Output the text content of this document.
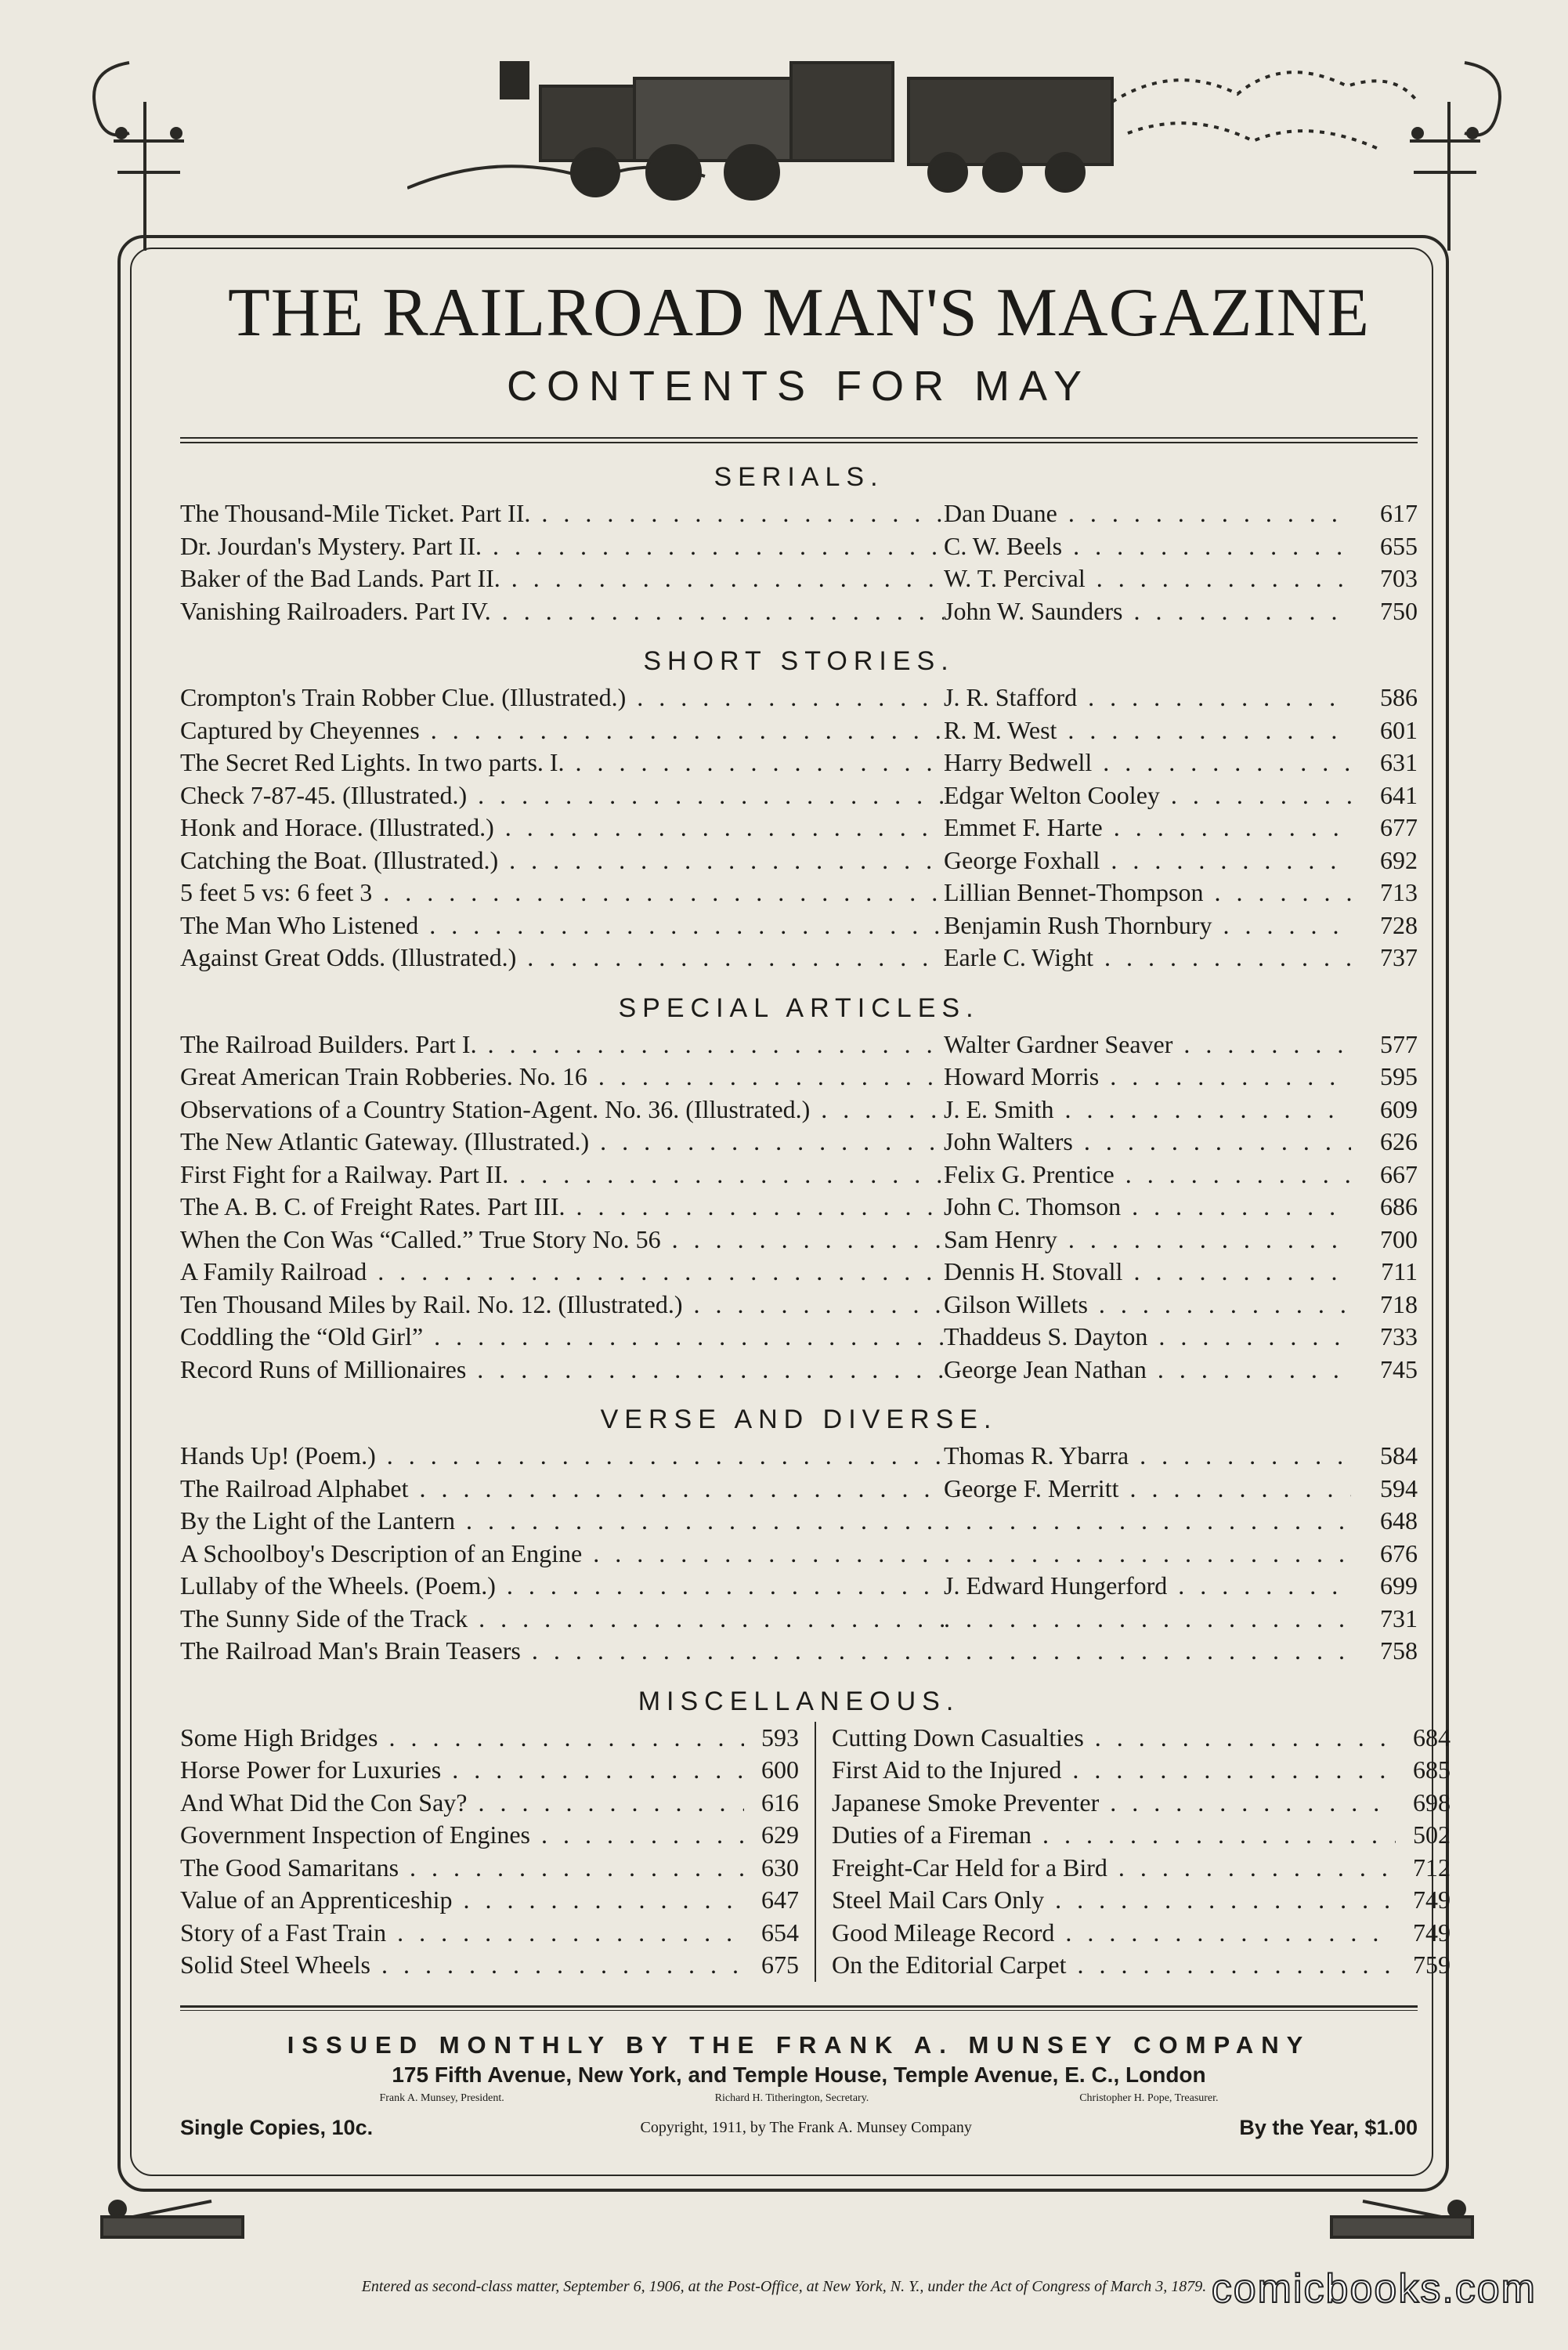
THE RAILROAD MAN'S MAGAZINE
CONTENTS FOR MAY
SERIALS.
The Thousand-Mile Ticket. Part II. . . .	Dan Duane . . .	617
Dr. Jourdan's Mystery. Part II. . . .	C. W. Beels . . .	655
Baker of the Bad Lands. Part II. . . .	W. T. Percival . . .	703
Vanishing Railroaders. Part IV. . . .	John W. Saunders . . .	750
SHORT STORIES.
Crompton's Train Robber Clue. (Illustrated.) . . .	J. R. Stafford . . .	586
Captured by Cheyennes . . .	R. M. West . . .	601
The Secret Red Lights. In two parts. I. . . .	Harry Bedwell . . .	631
Check 7-87-45. (Illustrated.) . . .	Edgar Welton Cooley . . .	641
Honk and Horace. (Illustrated.) . . .	Emmet F. Harte . . .	677
Catching the Boat. (Illustrated.) . . .	George Foxhall . . .	692
5 feet 5 vs: 6 feet 3 . . .	Lillian Bennet-Thompson . . .	713
The Man Who Listened . . .	Benjamin Rush Thornbury . . .	728
Against Great Odds. (Illustrated.) . . .	Earle C. Wight . . .	737
SPECIAL ARTICLES.
The Railroad Builders. Part I. . . .	Walter Gardner Seaver . . .	577
Great American Train Robberies. No. 16 . . .	Howard Morris . . .	595
Observations of a Country Station-Agent. No. 36. (Illustrated.) . . .	J. E. Smith . . .	609
The New Atlantic Gateway. (Illustrated.) . . .	John Walters . . .	626
First Fight for a Railway. Part II. . . .	Felix G. Prentice . . .	667
The A. B. C. of Freight Rates. Part III. . . .	John C. Thomson . . .	686
When the Con Was “Called.” True Story No. 56 . . .	Sam Henry . . .	700
A Family Railroad . . .	Dennis H. Stovall . . .	711
Ten Thousand Miles by Rail. No. 12. (Illustrated.) . . .	Gilson Willets . . .	718
Coddling the “Old Girl” . . .	Thaddeus S. Dayton . . .	733
Record Runs of Millionaires . . .	George Jean Nathan . . .	745
VERSE AND DIVERSE.
Hands Up! (Poem.) . . .	Thomas R. Ybarra . . .	584
The Railroad Alphabet . . .	George F. Merritt . . .	594
By the Light of the Lantern . . . . . .	648
A Schoolboy's Description of an Engine . . . . . .	676
Lullaby of the Wheels. (Poem.) . . .	J. Edward Hungerford . . .	699
The Sunny Side of the Track . . . . . .	731
The Railroad Man's Brain Teasers . . . . . .	758
MISCELLANEOUS.
Some High Bridges . . .	593
Horse Power for Luxuries . . .	600
And What Did the Con Say? . . .	616
Government Inspection of Engines . . .	629
The Good Samaritans . . .	630
Value of an Apprenticeship . . .	647
Story of a Fast Train . . .	654
Solid Steel Wheels . . .	675
Cutting Down Casualties . . .	684
First Aid to the Injured . . .	685
Japanese Smoke Preventer . . .	698
Duties of a Fireman . . .	502
Freight-Car Held for a Bird . . .	712
Steel Mail Cars Only . . .	749
Good Mileage Record . . .	749
On the Editorial Carpet . . .	759
ISSUED MONTHLY BY THE FRANK A. MUNSEY COMPANY
175 Fifth Avenue, New York, and Temple House, Temple Avenue, E. C., London
Frank A. Munsey, President.	Richard H. Titherington, Secretary.	Christopher H. Pope, Treasurer.
Single Copies, 10c.	Copyright, 1911, by The Frank A. Munsey Company	By the Year, $1.00
Entered as second-class matter, September 6, 1906, at the Post-Office, at New York, N. Y., under the Act of Congress of March 3, 1879. comicbooks.com
